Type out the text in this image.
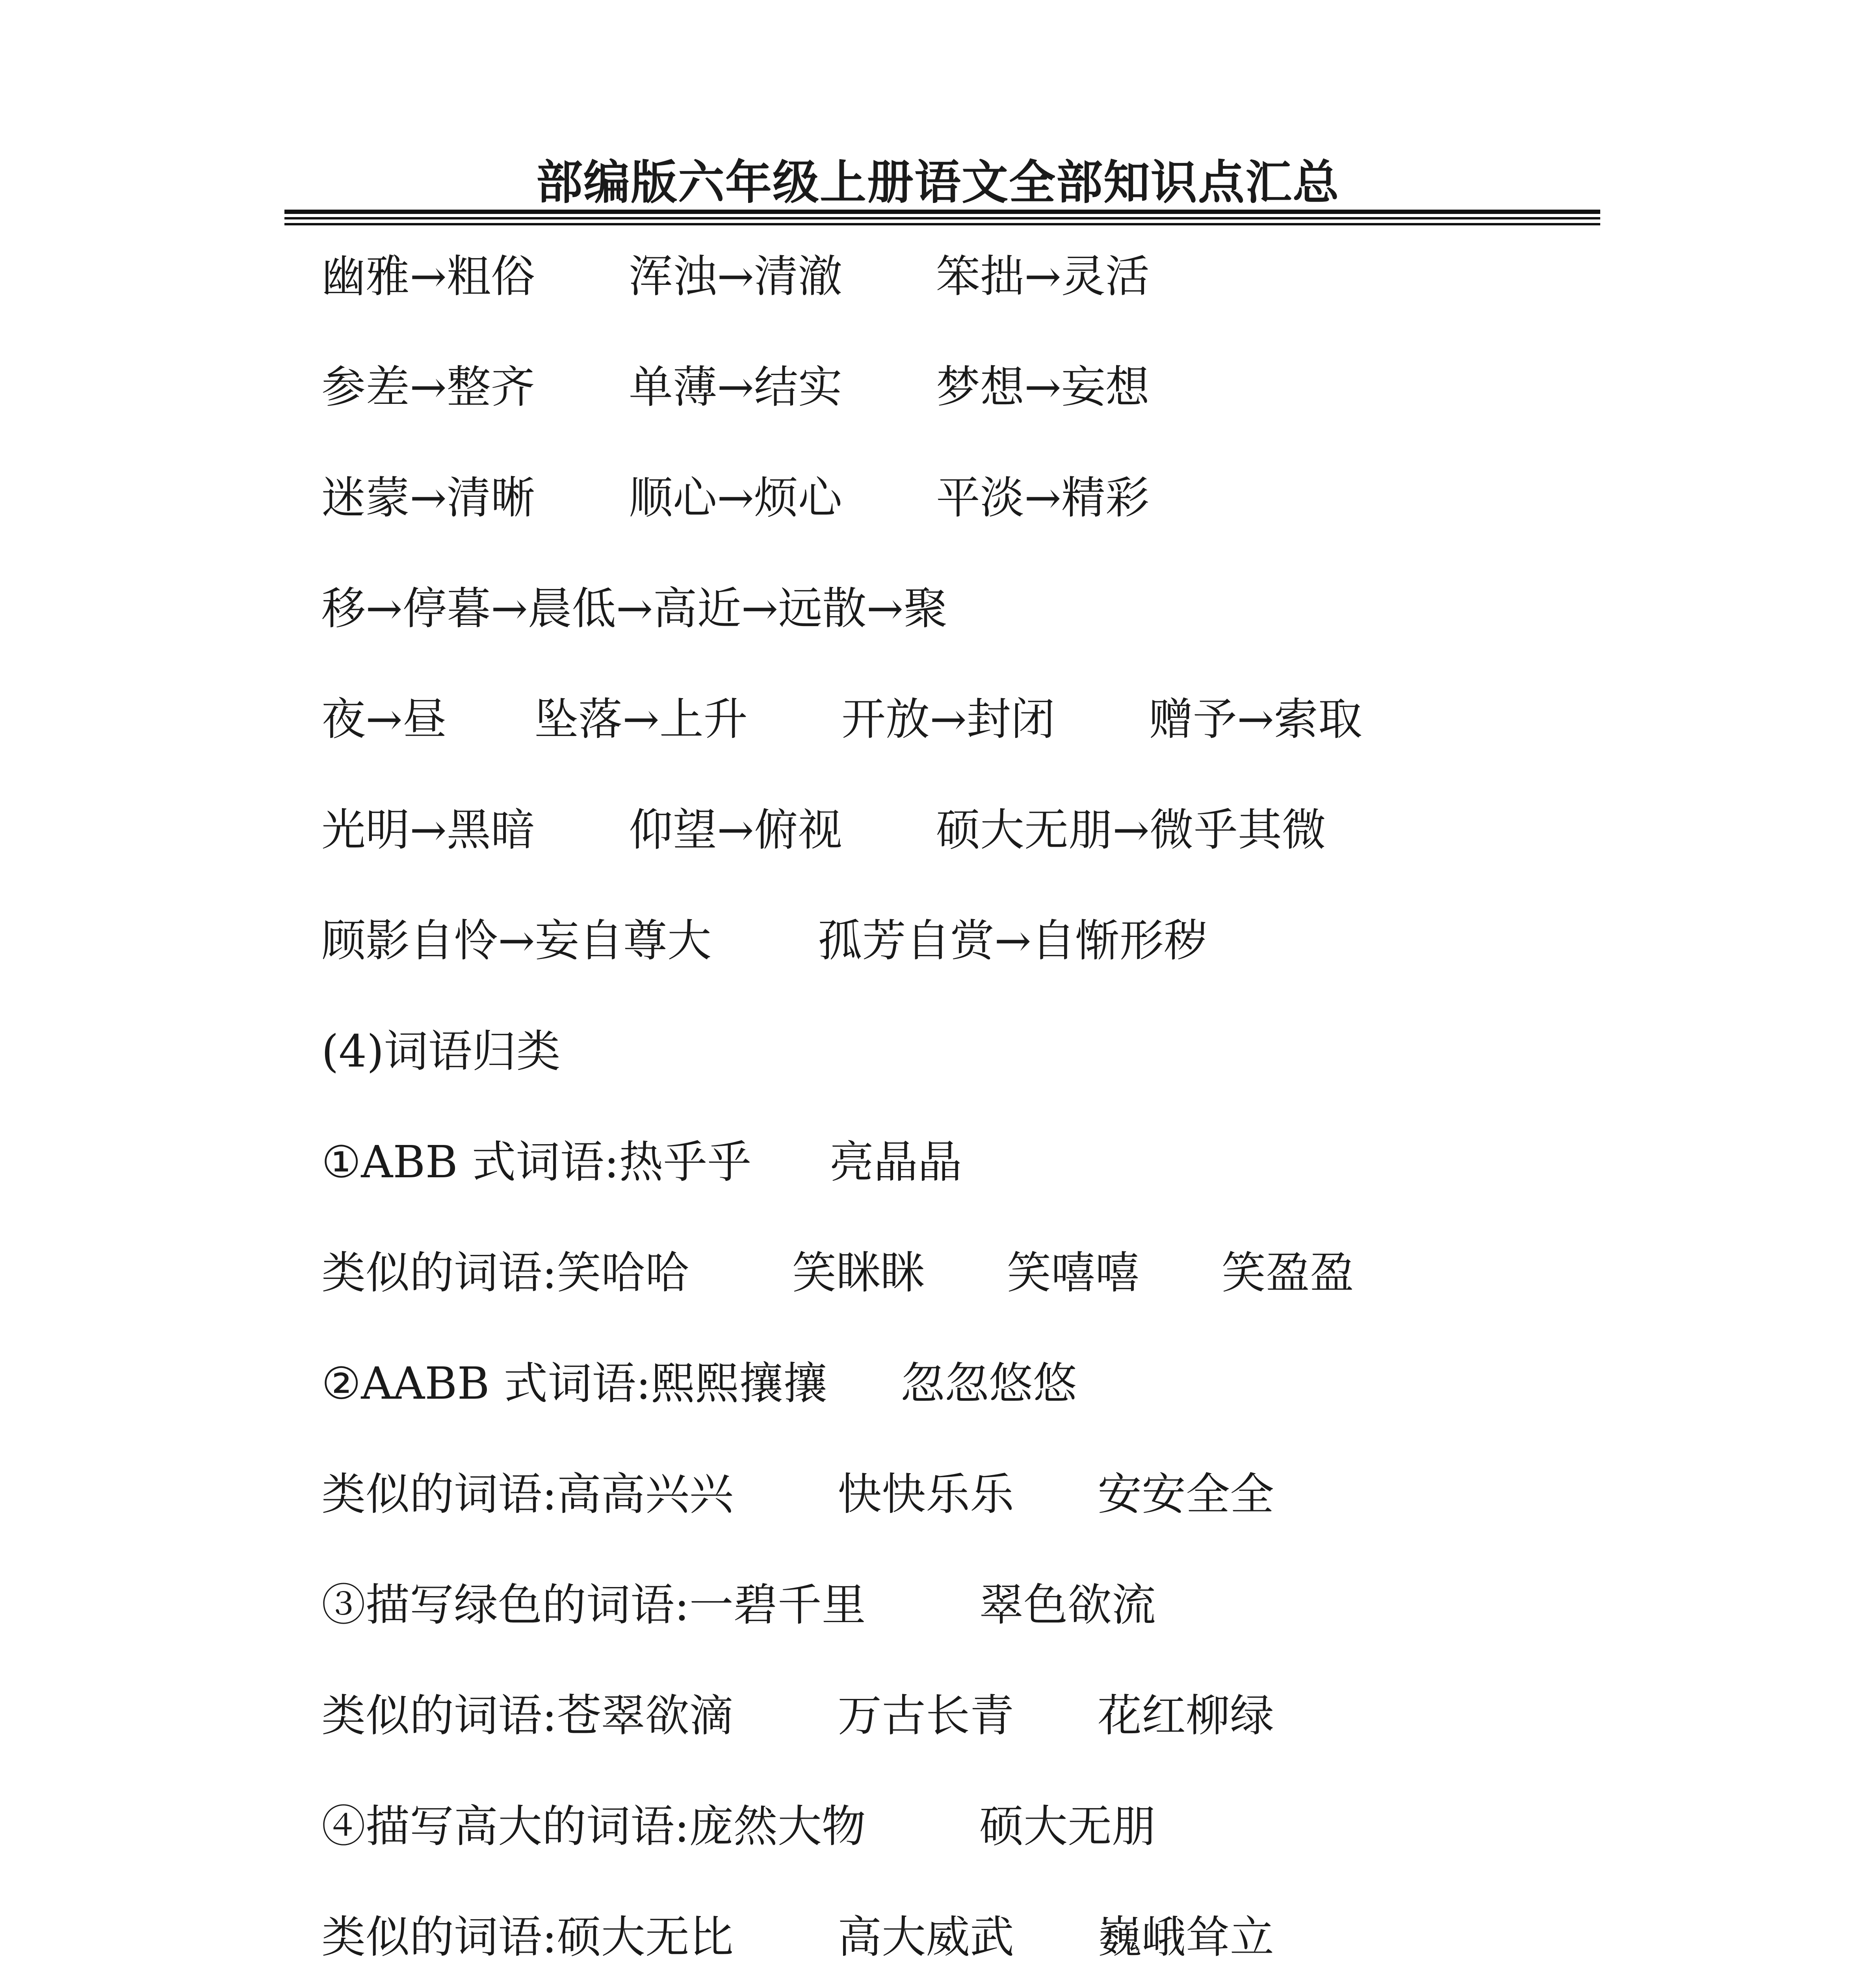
部编版六年级上册语文全部知识点汇总
幽雅→粗俗 浑浊→清澈 笨拙→灵活
参差→整齐 单薄→结实 梦想→妄想
迷蒙→清晰 顺心→烦心 平淡→精彩
移→停暮→晨低→高近→远散→聚
夜→昼 坠落→上升 开放→封闭 赠予→索取
光明→黑暗 仰望→俯视 硕大无朋→微乎其微
顾影自怜→妄自尊大 孤芳自赏→自惭形秽
(4)词语归类
①ABB 式词语:热乎乎 亮晶晶
类似的词语:笑哈哈 笑眯眯 笑嘻嘻 笑盈盈
②AABB 式词语:熙熙攘攘 忽忽悠悠
类似的词语:高高兴兴 快快乐乐 安安全全
③描写绿色的词语:一碧千里	翠色欲流
类似的词语:苍翠欲滴 万古长青 花红柳绿
④描写高大的词语:庞然大物	硕大无朋
类似的词语:硕大无比 高大威武 巍峨耸立
